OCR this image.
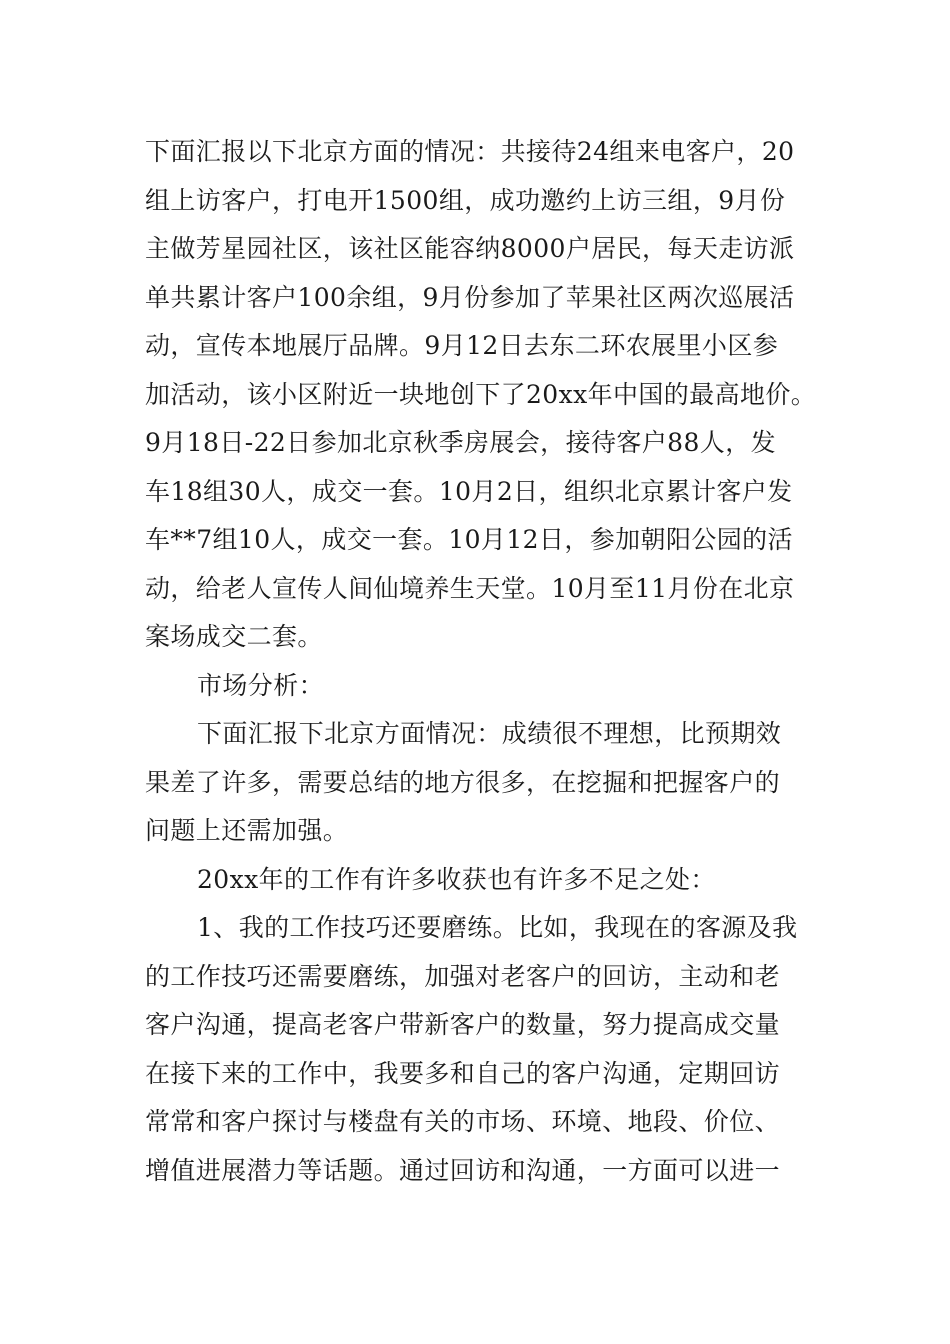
下面汇报以下北京方面的情况：共接待24组来电客户，20
组上访客户，打电开1500组，成功邀约上访三组，9月份
主做芳星园社区，该社区能容纳8000户居民，每天走访派
单共累计客户100余组，9月份参加了苹果社区两次巡展活
动，宣传本地展厅品牌。9月12日去东二环农展里小区参
加活动，该小区附近一块地创下了20xx年中国的最高地价。
9月18日-22日参加北京秋季房展会，接待客户88人，发
车18组30人，成交一套。10月2日，组织北京累计客户发
车**7组10人，成交一套。10月12日，参加朝阳公园的活
动，给老人宣传人间仙境养生天堂。10月至11月份在北京
案场成交二套。
市场分析：
下面汇报下北京方面情况：成绩很不理想，比预期效
果差了许多，需要总结的地方很多，在挖掘和把握客户的
问题上还需加强。
20xx年的工作有许多收获也有许多不足之处：
1、我的工作技巧还要磨练。比如，我现在的客源及我
的工作技巧还需要磨练，加强对老客户的回访，主动和老
客户沟通，提高老客户带新客户的数量，努力提高成交量
在接下来的工作中，我要多和自己的客户沟通，定期回访
常常和客户探讨与楼盘有关的市场、环境、地段、价位、
增值进展潜力等话题。通过回访和沟通，一方面可以进一
